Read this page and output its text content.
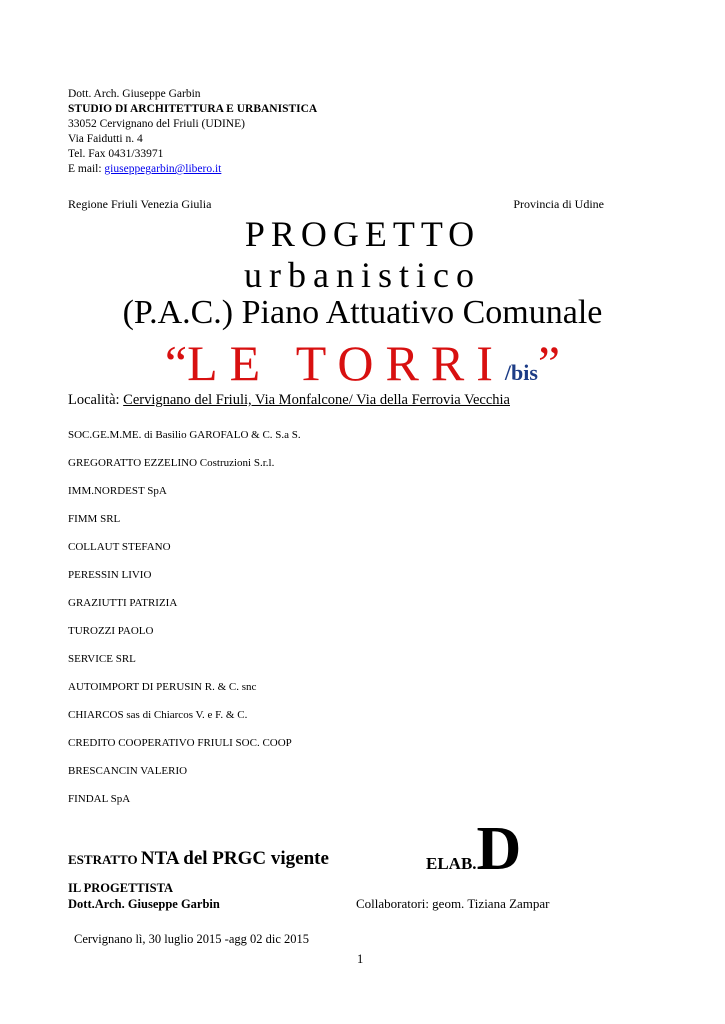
Dott. Arch. Giuseppe Garbin
STUDIO DI ARCHITETTURA E URBANISTICA
33052 Cervignano del Friuli (UDINE)
Via Faidutti n. 4
Tel. Fax 0431/33971
E mail: giuseppegarbin@libero.it
Regione Friuli Venezia Giulia	Provincia di Udine
PROGETTO
urbanistico
(P.A.C.) Piano Attuativo Comunale
“LE TORRI/bis”
Località: Cervignano del Friuli, Via Monfalcone/ Via della Ferrovia Vecchia
SOC.GE.M.ME. di Basilio GAROFALO & C. S.a S.
GREGORATTO EZZELINO Costruzioni S.r.l.
IMM.NORDEST SpA
FIMM SRL
COLLAUT STEFANO
PERESSIN LIVIO
GRAZIUTTI PATRIZIA
TUROZZI PAOLO
SERVICE SRL
AUTOIMPORT DI PERUSIN R. & C. snc
CHIARCOS sas di Chiarcos V. e F. & C.
CREDITO COOPERATIVO FRIULI SOC. COOP
BRESCANCIN VALERIO
FINDAL SpA
ESTRATTO NTA del PRGC vigente	ELAB.D
IL PROGETTISTA
Dott.Arch. Giuseppe Garbin	Collaboratori: geom. Tiziana Zampar
Cervignano lì, 30 luglio 2015 -agg 02 dic 2015
1
